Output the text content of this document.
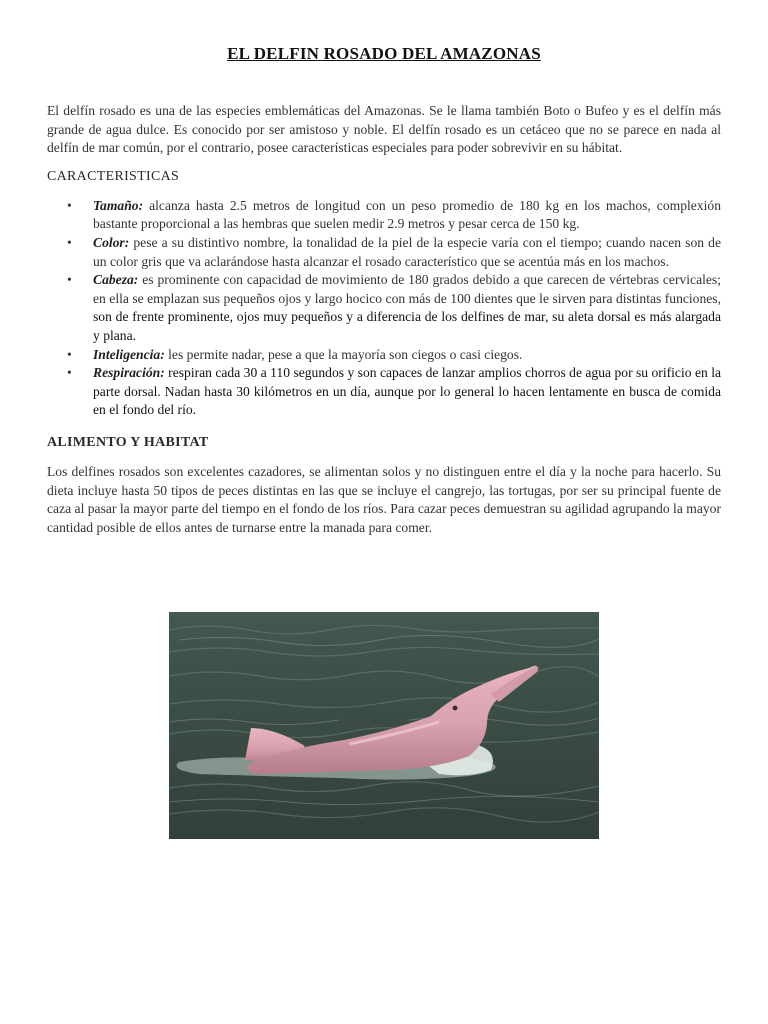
EL DELFIN ROSADO DEL AMAZONAS

El delfín rosado es una de las especies emblemáticas del Amazonas. Se le llama también Boto o Bufeo y es el delfín más grande de agua dulce. Es conocido por ser amistoso y noble. El delfín rosado es un cetáceo que no se parece en nada al delfín de mar común, por el contrario, posee características especiales para poder sobrevivir en su hábitat.

CARACTERISTICAS
• Tamaño: alcanza hasta 2.5 metros de longitud con un peso promedio de 180 kg en los machos, complexión bastante proporcional a las hembras que suelen medir 2.9 metros y pesar cerca de 150 kg.
• Color: pese a su distintivo nombre, la tonalidad de la piel de la especie varía con el tiempo; cuando nacen son de un color gris que va aclarándose hasta alcanzar el rosado característico que se acentúa más en los machos.
• Cabeza: es prominente con capacidad de movimiento de 180 grados debido a que carecen de vértebras cervicales; en ella se emplazan sus pequeños ojos y largo hocico con más de 100 dientes que le sirven para distintas funciones, son de frente prominente, ojos muy pequeños y a diferencia de los delfines de mar, su aleta dorsal es más alargada y plana.
• Inteligencia: les permite nadar, pese a que la mayoría son ciegos o casi ciegos.
• Respiración: respiran cada 30 a 110 segundos y son capaces de lanzar amplios chorros de agua por su orificio en la parte dorsal. Nadan hasta 30 kilómetros en un día, aunque por lo general lo hacen lentamente en busca de comida en el fondo del río.
ALIMENTO Y HABITAT

Los delfines rosados son excelentes cazadores, se alimentan solos y no distinguen entre el día y la noche para hacerlo. Su dieta incluye hasta 50 tipos de peces distintas en las que se incluye el cangrejo, las tortugas, por ser su principal fuente de caza al pasar la mayor parte del tiempo en el fondo de los ríos. Para cazar peces demuestran su agilidad agrupando la mayor cantidad posible de ellos antes de turnarse entre la manada para comer.
